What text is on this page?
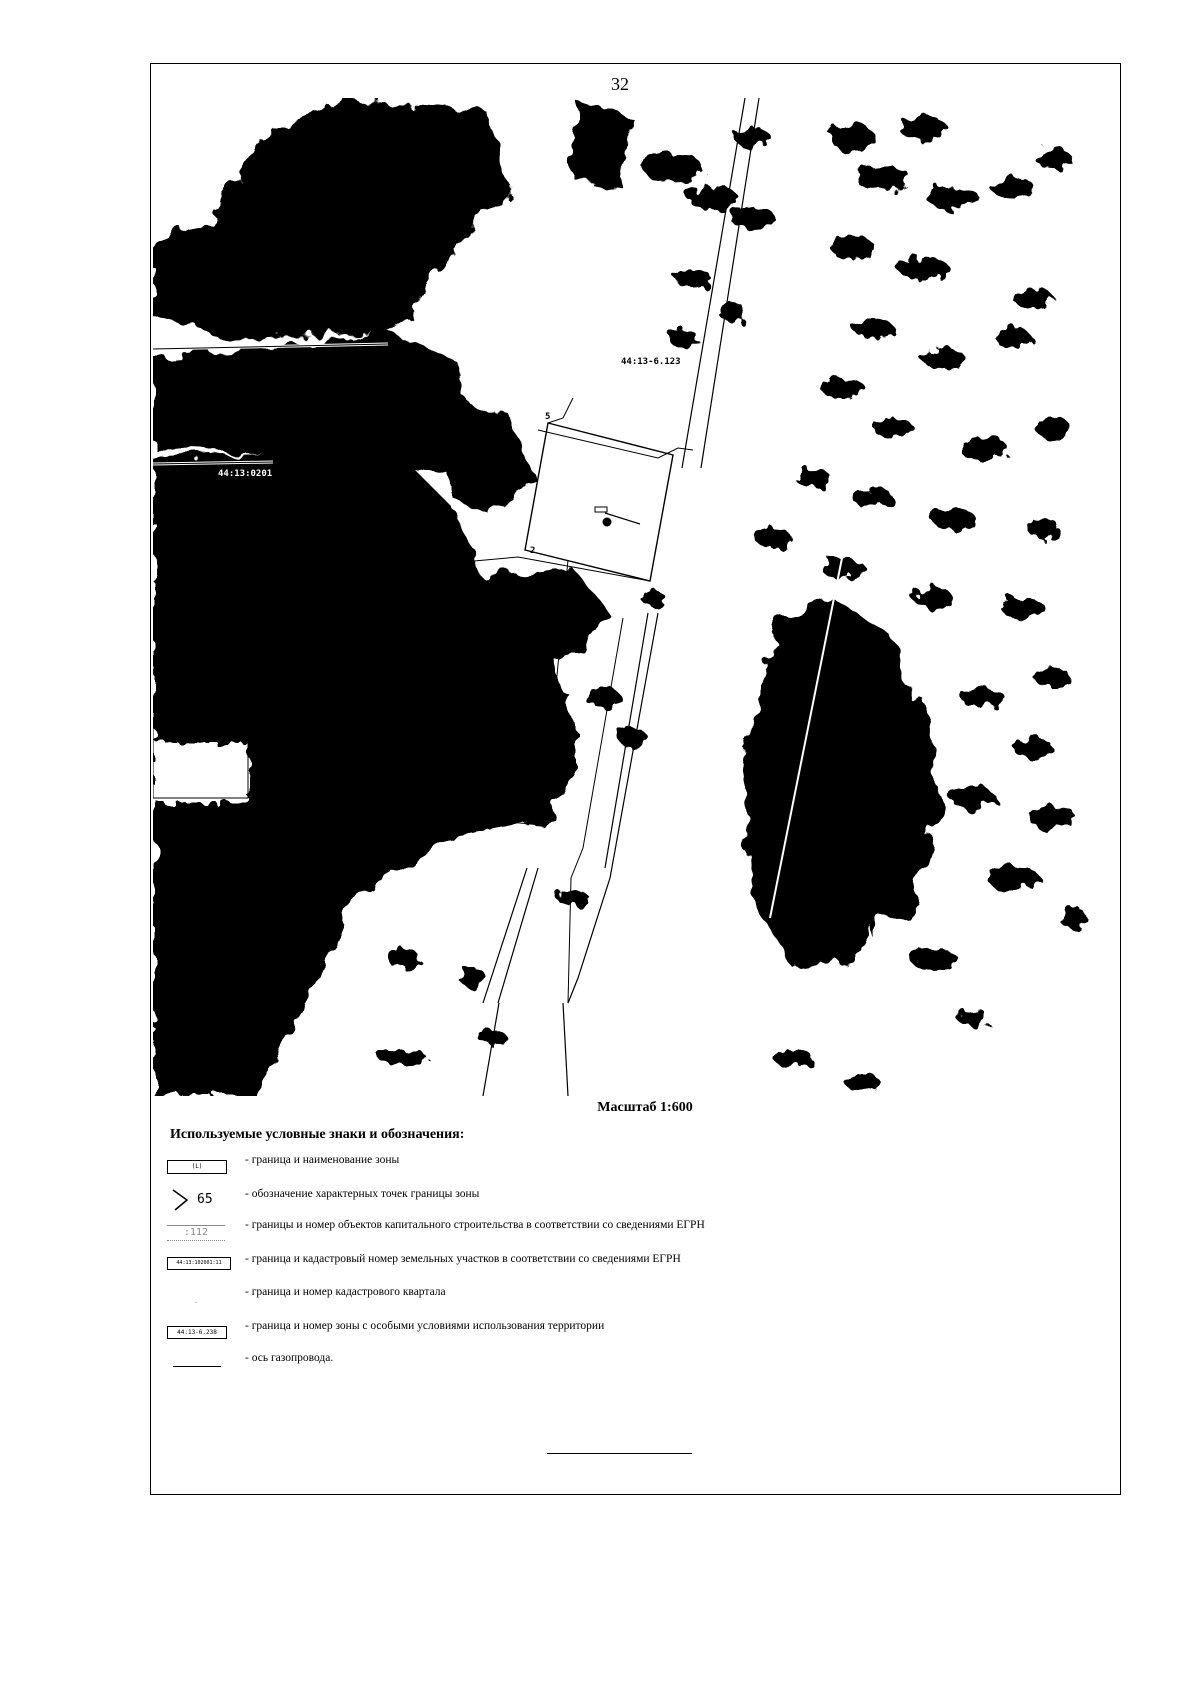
32
44:13-6.123
44:13:0201
2
5
Масштаб 1:600
Используемые условные знаки и обозначения:
(L)
- граница и наименование зоны
65	- обозначение характерных точек границы зоны
:112
- границы и номер объектов капитального строительства в соответствии со сведениями ЕГРН
44:13:102001:11	- граница и кадастровый номер земельных участков в соответствии со сведениями ЕГРН
- граница и номер кадастрового квартала
44:13-6.238
- граница и номер зоны с особыми условиями использования территории
- ось газопровода.
